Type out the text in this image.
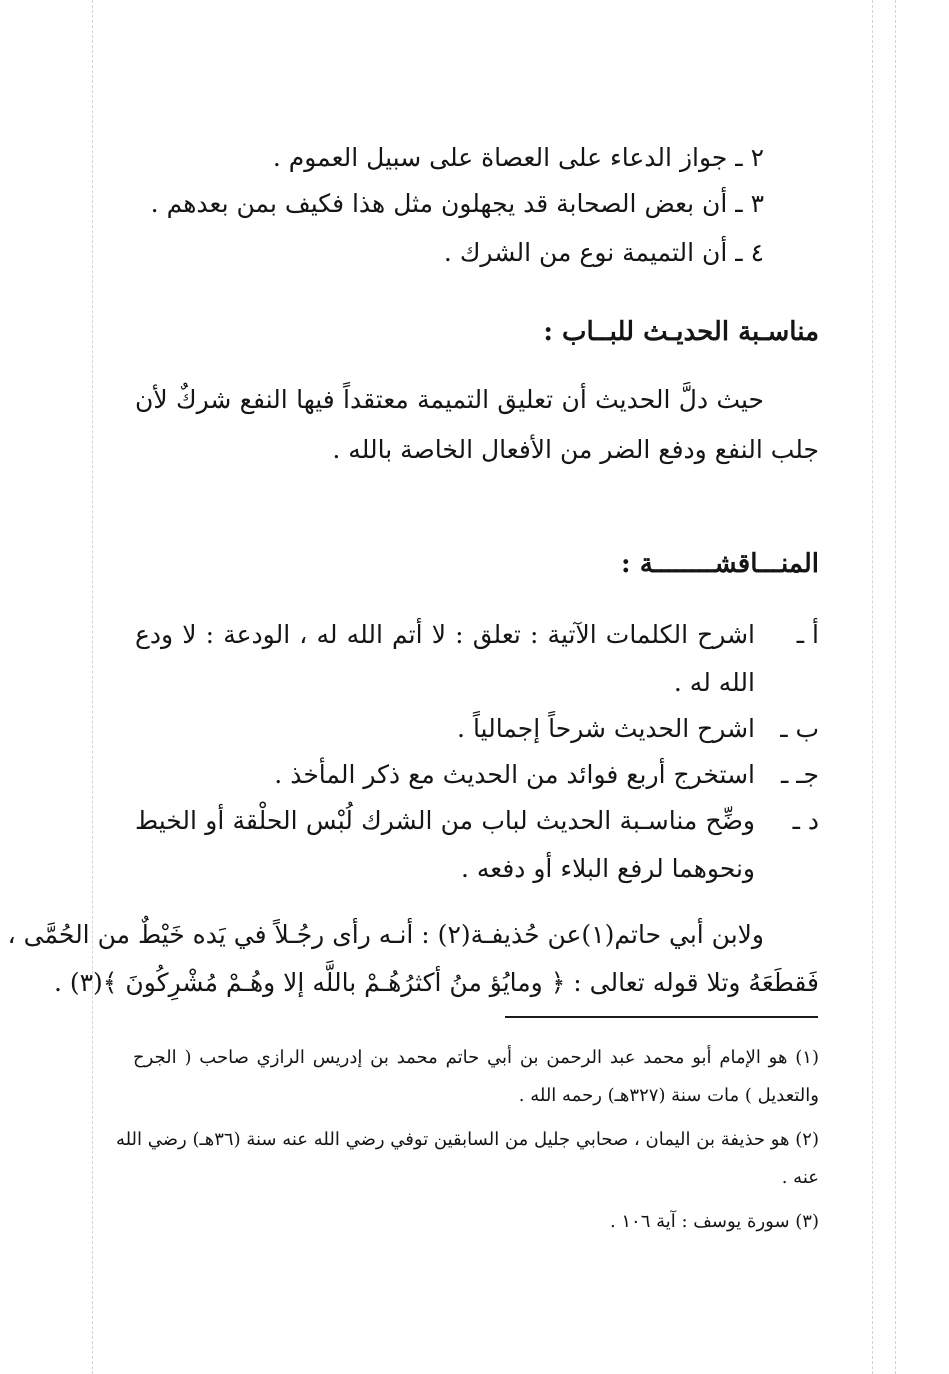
٢ ـ جواز الدعاء على العصاة على سبيل العموم .
٣ ـ أن بعض الصحابة قد يجهلون مثل هذا فكيف بمن بعدهم .
٤ ـ أن التميمة نوع من الشرك .
مناسـبة الحديـث للبــاب :
حيث دلَّ الحديث أن تعليق التميمة معتقداً فيها النفع شركٌ لأن
جلب النفع ودفع الضر من الأفعال الخاصة بالله .
المنـــاقشــــــــة :
أ ـ
اشرح الكلمات الآتية : تعلق : لا أتم الله له ، الودعة : لا ودع
الله له .
ب ـ
اشرح الحديث شرحاً إجمالياً .
جـ ـ
استخرج أربع فوائد من الحديث مع ذكر المأخذ .
د ـ
وضِّح مناسـبة الحديث لباب من الشرك لُبْس الحلْقة أو الخيط
ونحوهما لرفع البلاء أو دفعه .
ولابن أبي حاتم(١)عن حُذيفـة(٢) : أنـه رأى رجُـلاً في يَده خَيْطٌ من الحُمَّى ،
فَقطَعَهُ وتلا قوله تعالى : ﴿ ومايُؤ منُ أكثرُهُـمْ باللَّه إلا وهُـمْ مُشْرِكُونَ ﴾(٣) .
(١) هو الإمام أبو محمد عبد الرحمن بن أبي حاتم محمد بن إدريس الرازي صاحب ( الجرح
والتعديل ) مات سنة (٣٢٧هـ) رحمه الله .
(٢) هو حذيفة بن اليمان ، صحابي جليل من السابقين توفي رضي الله عنه سنة (٣٦هـ) رضي الله
عنه .
(٣) سورة يوسف : آية ١٠٦ .
